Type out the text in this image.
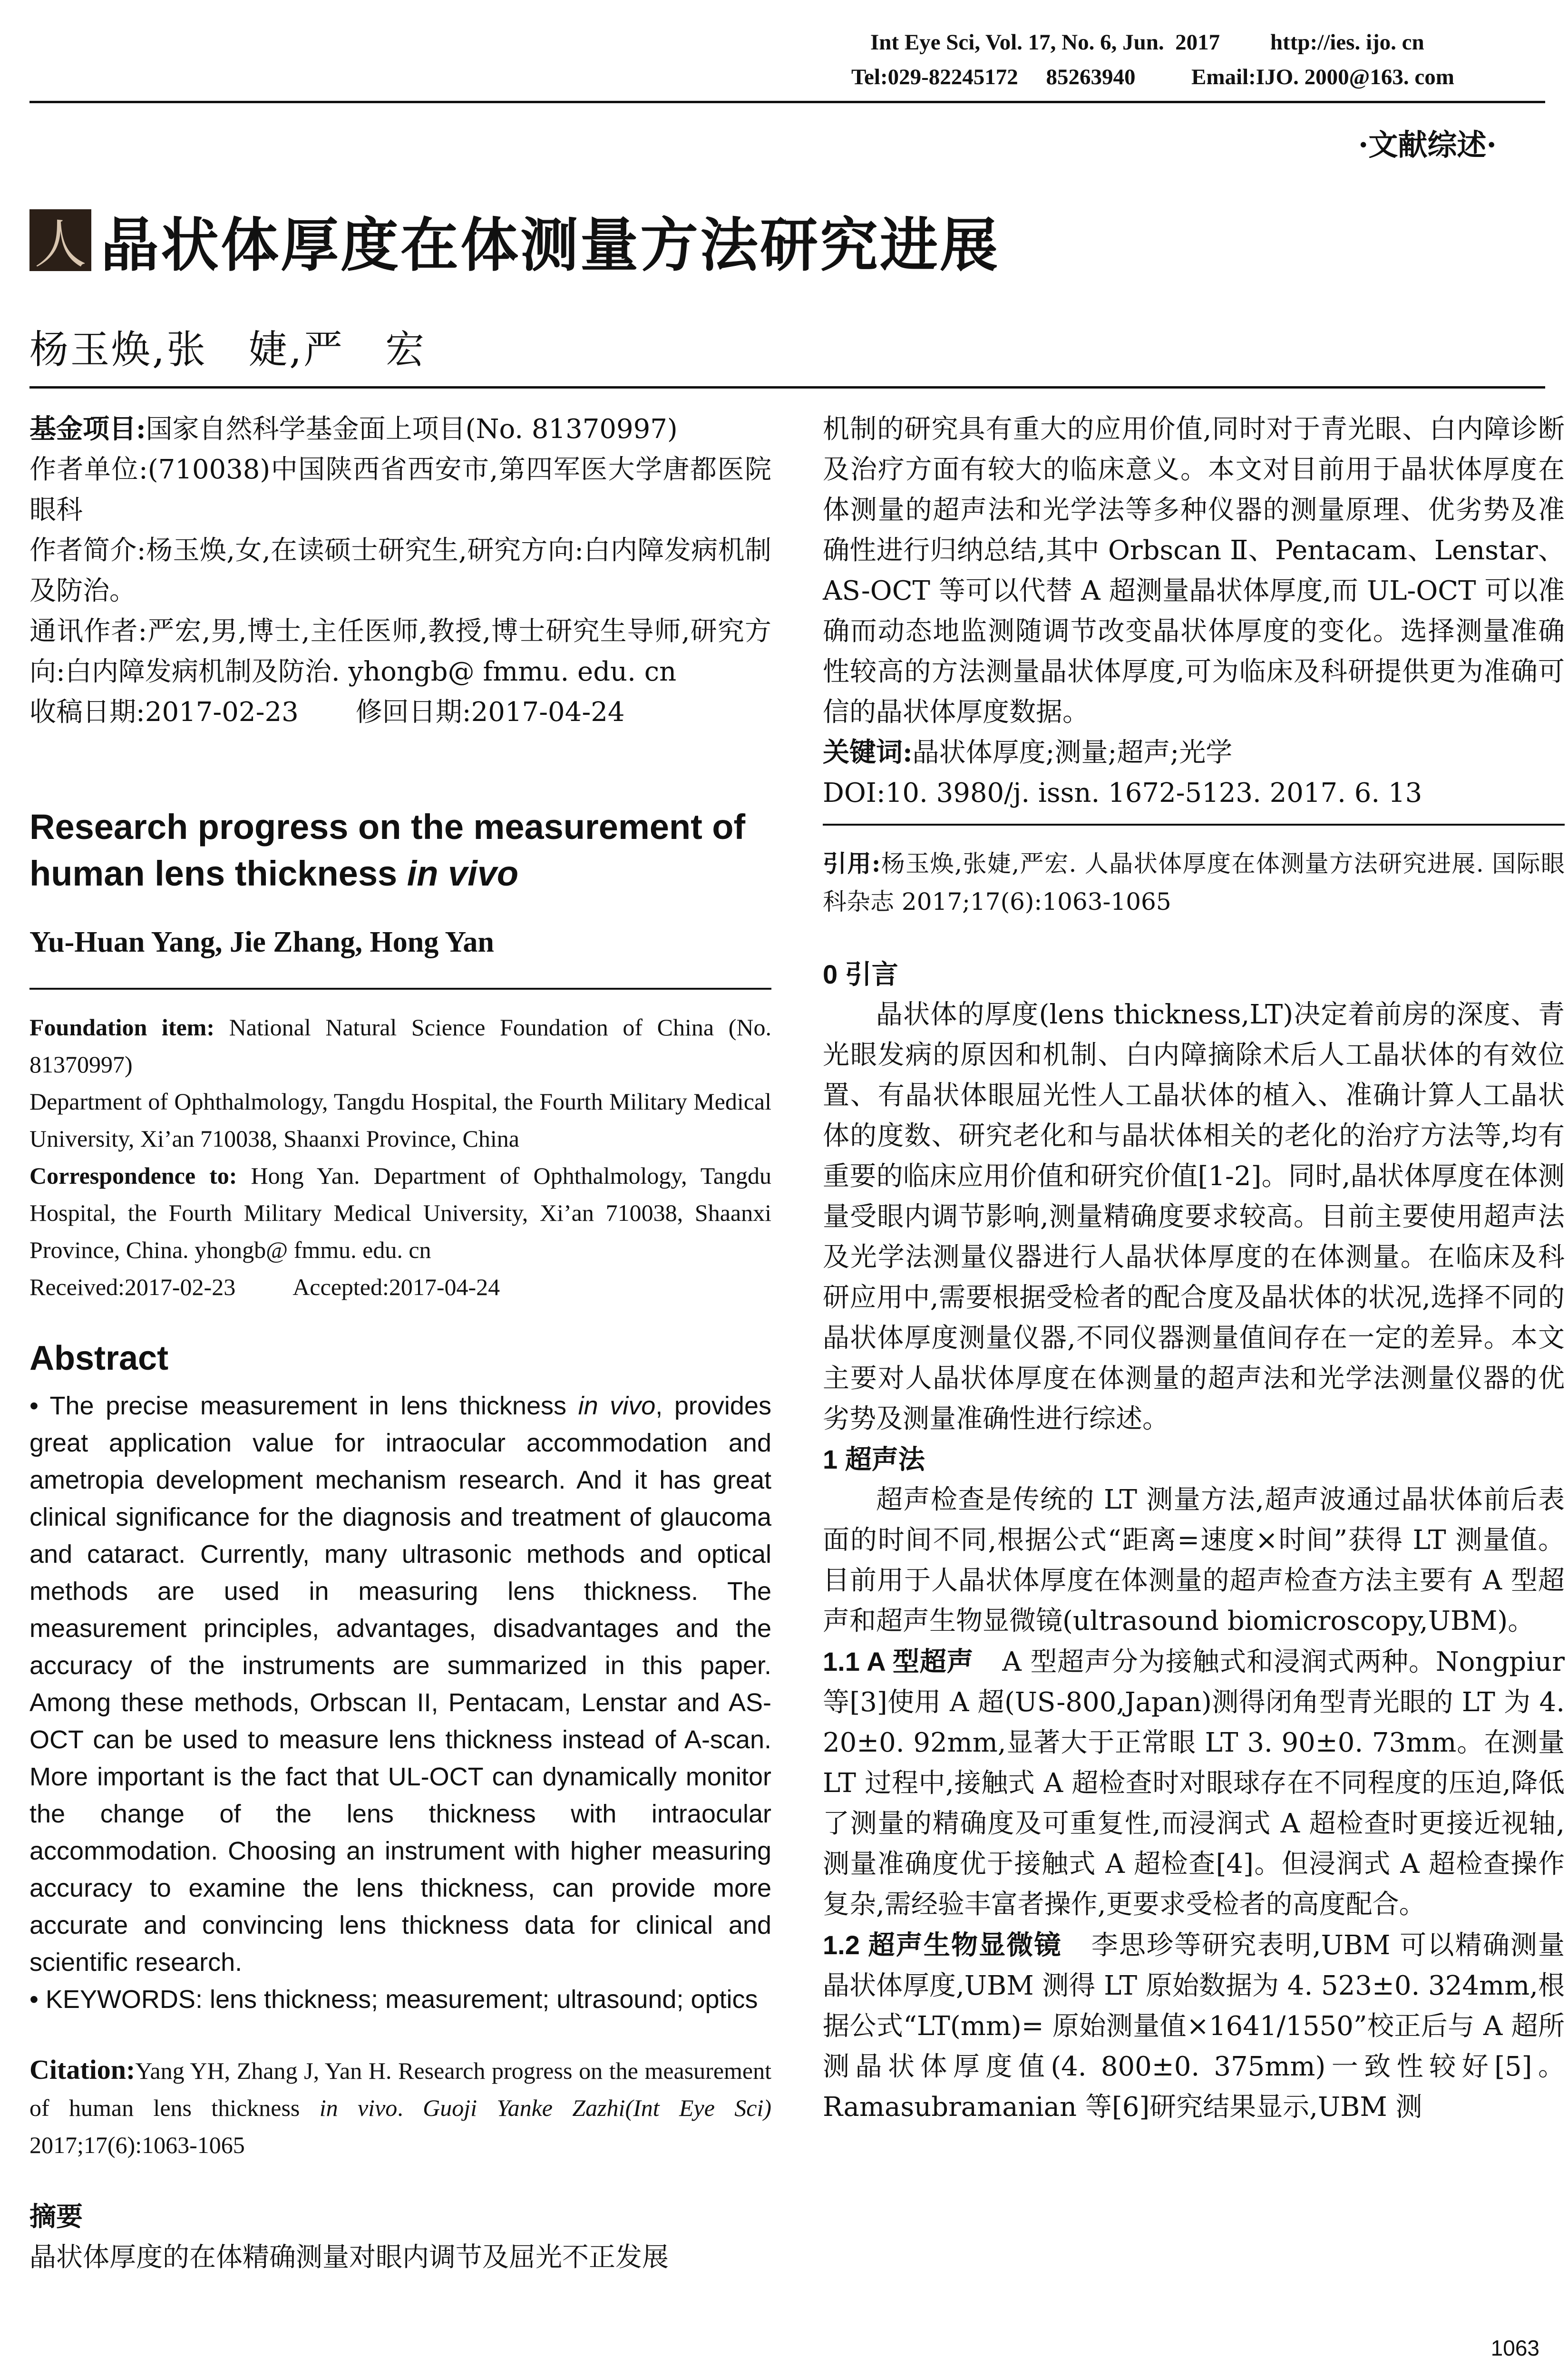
Int Eye Sci, Vol. 17, No. 6, Jun.  2017         http://ies. ijo. cn
Tel:029-82245172     85263940          Email:IJO. 2000@163. com
·文献综述·
人 晶状体厚度在体测量方法研究进展
杨玉焕,张　婕,严　宏

基金项目:国家自然科学基金面上项目(No. 81370997)

作者单位:(710038)中国陕西省西安市,第四军医大学唐都医院眼科

作者简介:杨玉焕,女,在读硕士研究生,研究方向:白内障发病机制及防治。

通讯作者:严宏,男,博士,主任医师,教授,博士研究生导师,研究方向:白内障发病机制及防治. yhongb@ fmmu. edu. cn

收稿日期:2017-02-23 修回日期:2017-04-24

Research progress on the measurement of
human lens thickness in vivo
Yu-Huan Yang, Jie Zhang, Hong Yan

Foundation item: National Natural Science Foundation of China (No. 81370997)

Department of Ophthalmology, Tangdu Hospital, the Fourth Military Medical University, Xi’an 710038, Shaanxi Province, China

Correspondence to: Hong Yan. Department of Ophthalmology, Tangdu Hospital, the Fourth Military Medical University, Xi’an 710038, Shaanxi Province, China. yhongb@ fmmu. edu. cn

Received:2017-02-23 Accepted:2017-04-24

Abstract

• The precise measurement in lens thickness in vivo, provides great application value for intraocular accommodation and ametropia development mechanism research. And it has great clinical significance for the diagnosis and treatment of glaucoma and cataract. Currently, many ultrasonic methods and optical methods are used in measuring lens thickness. The measurement principles, advantages, disadvantages and the accuracy of the instruments are summarized in this paper. Among these methods, Orbscan II, Pentacam, Lenstar and AS-OCT can be used to measure lens thickness instead of A-scan. More important is the fact that UL-OCT can dynamically monitor the change of the lens thickness with intraocular accommodation. Choosing an instrument with higher measuring accuracy to examine the lens thickness, can provide more accurate and convincing lens thickness data for clinical and scientific research.

• KEYWORDS: lens thickness; measurement; ultrasound; optics

Citation:Yang YH, Zhang J, Yan H. Research progress on the measurement of human lens thickness in vivo. Guoji Yanke Zazhi(Int Eye Sci) 2017;17(6):1063-1065

摘要

晶状体厚度的在体精确测量对眼内调节及屈光不正发展

机制的研究具有重大的应用价值,同时对于青光眼、白内障诊断及治疗方面有较大的临床意义。本文对目前用于晶状体厚度在体测量的超声法和光学法等多种仪器的测量原理、优劣势及准确性进行归纳总结,其中 Orbscan Ⅱ、Pentacam、Lenstar、AS-OCT 等可以代替 A 超测量晶状体厚度,而 UL-OCT 可以准确而动态地监测随调节改变晶状体厚度的变化。选择测量准确性较高的方法测量晶状体厚度,可为临床及科研提供更为准确可信的晶状体厚度数据。

关键词:晶状体厚度;测量;超声;光学

DOI:10. 3980/j. issn. 1672-5123. 2017. 6. 13

引用:杨玉焕,张婕,严宏. 人晶状体厚度在体测量方法研究进展. 国际眼科杂志 2017;17(6):1063-1065

0 引言

晶状体的厚度(lens thickness,LT)决定着前房的深度、青光眼发病的原因和机制、白内障摘除术后人工晶状体的有效位置、有晶状体眼屈光性人工晶状体的植入、准确计算人工晶状体的度数、研究老化和与晶状体相关的老化的治疗方法等,均有重要的临床应用价值和研究价值[1-2]。同时,晶状体厚度在体测量受眼内调节影响,测量精确度要求较高。目前主要使用超声法及光学法测量仪器进行人晶状体厚度的在体测量。在临床及科研应用中,需要根据受检者的配合度及晶状体的状况,选择不同的晶状体厚度测量仪器,不同仪器测量值间存在一定的差异。本文主要对人晶状体厚度在体测量的超声法和光学法测量仪器的优劣势及测量准确性进行综述。

1 超声法

超声检查是传统的 LT 测量方法,超声波通过晶状体前后表面的时间不同,根据公式“距离=速度×时间”获得 LT 测量值。目前用于人晶状体厚度在体测量的超声检查方法主要有 A 型超声和超声生物显微镜(ultrasound biomicroscopy,UBM)。

1.1 A 型超声 A 型超声分为接触式和浸润式两种。Nongpiur 等[3]使用 A 超(US-800,Japan)测得闭角型青光眼的 LT 为 4. 20±0. 92mm,显著大于正常眼 LT 3. 90±0. 73mm。在测量 LT 过程中,接触式 A 超检查时对眼球存在不同程度的压迫,降低了测量的精确度及可重复性,而浸润式 A 超检查时更接近视轴,测量准确度优于接触式 A 超检查[4]。但浸润式 A 超检查操作复杂,需经验丰富者操作,更要求受检者的高度配合。

1.2 超声生物显微镜 李思珍等研究表明,UBM 可以精确测量晶状体厚度,UBM 测得 LT 原始数据为 4. 523±0. 324mm,根据公式“LT(mm)= 原始测量值×1641/1550”校正后与 A 超所测晶状体厚度值(4. 800±0. 375mm)一致性较好[5]。Ramasubramanian 等[6]研究结果显示,UBM 测

1063
